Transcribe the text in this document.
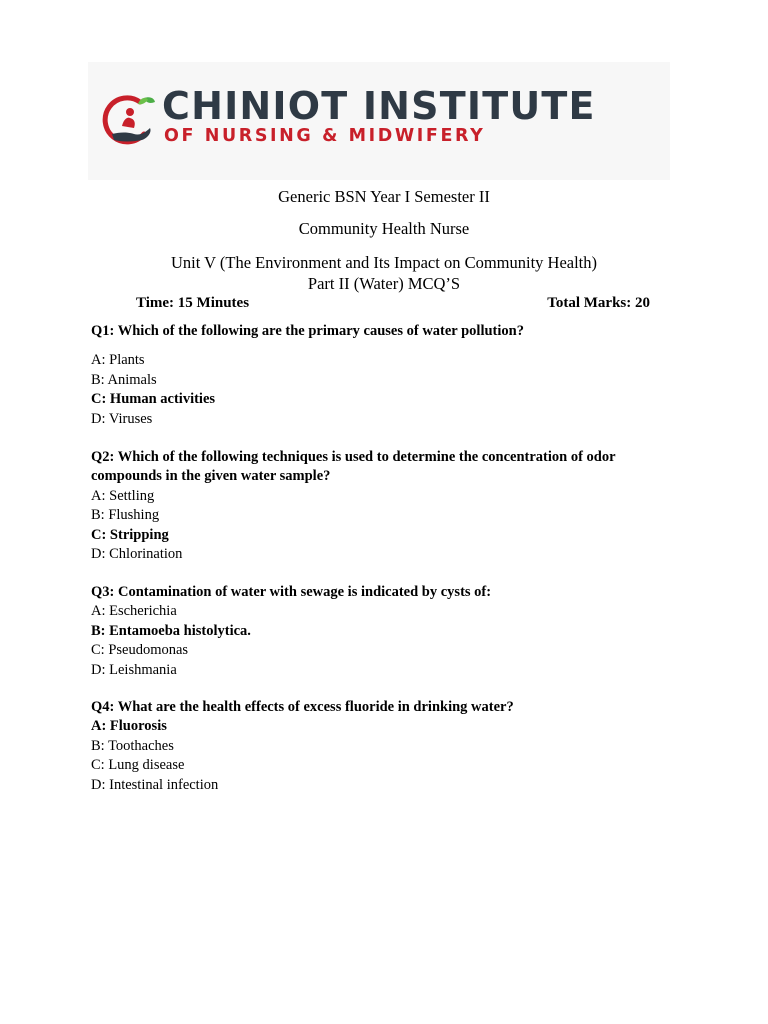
CHINIOT INSTITUTE
OF NURSING & MIDWIFERY
Generic BSN Year I Semester II
Community Health Nurse
Unit V (The Environment and Its Impact on Community Health)
Part II (Water) MCQ’S
Time: 15 Minutes	Total Marks: 20
Q1: Which of the following are the primary causes of water pollution?
A: Plants
B: Animals
C: Human activities
D: Viruses
Q2: Which of the following techniques is used to determine the concentration of odor compounds in the given water sample?
A: Settling
B: Flushing
C: Stripping
D: Chlorination
Q3: Contamination of water with sewage is indicated by cysts of:
A: Escherichia
B: Entamoeba histolytica.
C: Pseudomonas
D: Leishmania
Q4: What are the health effects of excess fluoride in drinking water?
A: Fluorosis
B: Toothaches
C: Lung disease
D: Intestinal infection
